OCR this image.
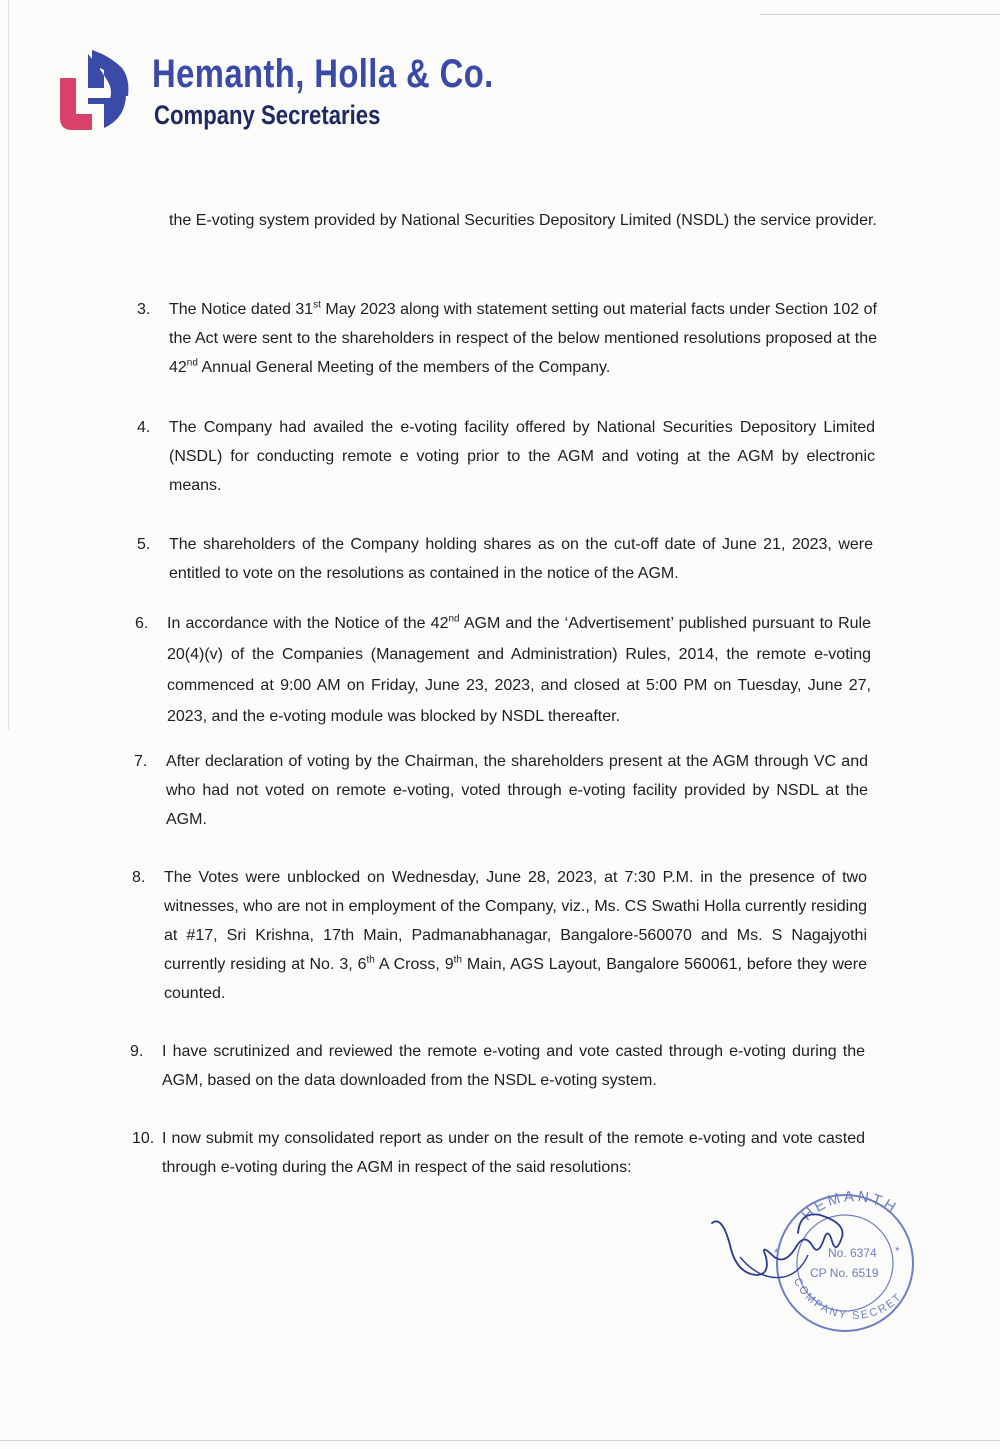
Hemanth, Holla & Co.
Company Secretaries
the E-voting system provided by National Securities Depository Limited (NSDL) the service provider.
3. The Notice dated 31st May 2023 along with statement setting out material facts under Section 102 of the Act were sent to the shareholders in respect of the below mentioned resolutions proposed at the 42nd Annual General Meeting of the members of the Company.
4. The Company had availed the e-voting facility offered by National Securities Depository Limited (NSDL) for conducting remote e voting prior to the AGM and voting at the AGM by electronic means.
5. The shareholders of the Company holding shares as on the cut-off date of June 21, 2023, were entitled to vote on the resolutions as contained in the notice of the AGM.
6. In accordance with the Notice of the 42nd AGM and the ‘Advertisement’ published pursuant to Rule 20(4)(v) of the Companies (Management and Administration) Rules, 2014, the remote e-voting commenced at 9:00 AM on Friday, June 23, 2023, and closed at 5:00 PM on Tuesday, June 27, 2023, and the e-voting module was blocked by NSDL thereafter.
7. After declaration of voting by the Chairman, the shareholders present at the AGM through VC and who had not voted on remote e-voting, voted through e-voting facility provided by NSDL at the AGM.
8. The Votes were unblocked on Wednesday, June 28, 2023, at 7:30 P.M. in the presence of two witnesses, who are not in employment of the Company, viz., Ms. CS Swathi Holla currently residing at #17, Sri Krishna, 17th Main, Padmanabhanagar, Bangalore-560070 and Ms. S Nagajyothi currently residing at No. 3, 6th A Cross, 9th Main, AGS Layout, Bangalore 560061, before they were counted.
9. I have scrutinized and reviewed the remote e-voting and vote casted through e-voting during the AGM, based on the data downloaded from the NSDL e-voting system.
10. I now submit my consolidated report as under on the result of the remote e-voting and vote casted through e-voting during the AGM in respect of the said resolutions:
HEMANTH
COMPANY SECRET
No. 6374
CP No. 6519
*	*
